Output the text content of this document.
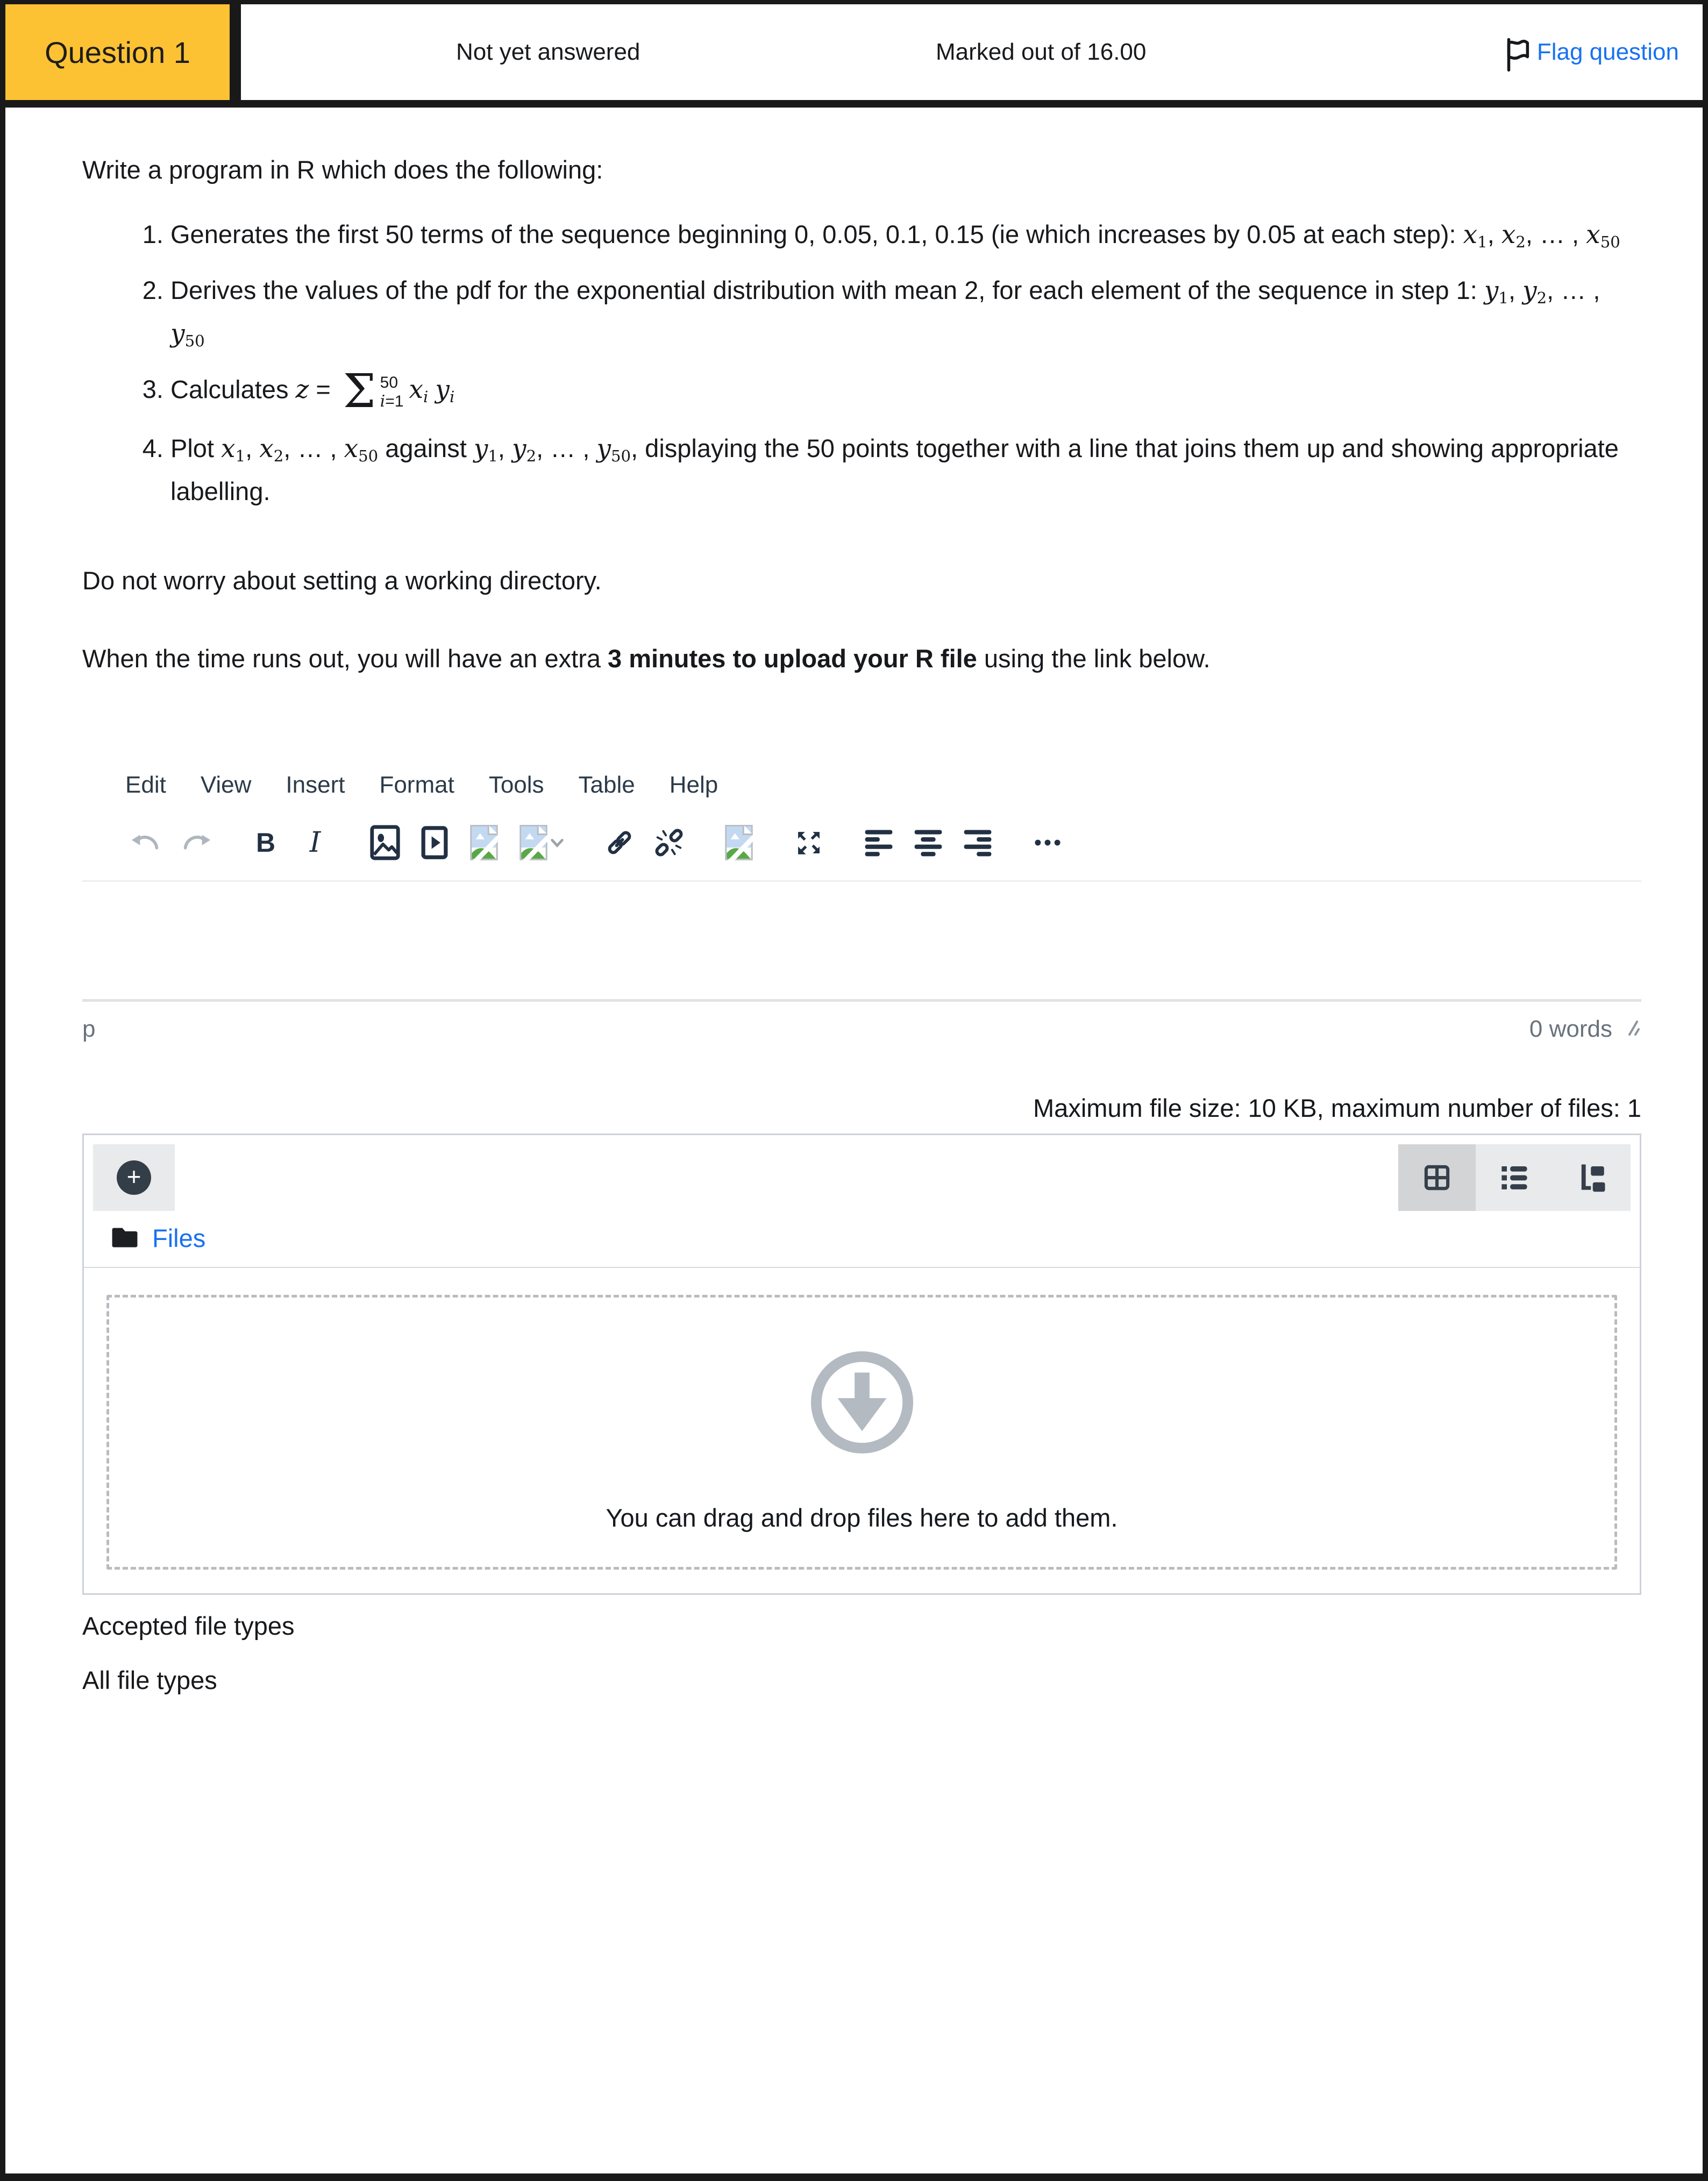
Question 1	Not yet answered	Marked out of 16.00	Flag question

Write a program in R which does the following:

1. Generates the first 50 terms of the sequence beginning 0, 0.05, 0.1, 0.15 (ie which increases by 0.05 at each step): x1, x2, … , x50
2. Derives the values of the pdf for the exponential distribution with mean 2, for each element of the sequence in step 1: y1, y2, … , y50
3. Calculates z = Σ 50
i=1 xi yi
4. Plot x1, x2, … , x50 against y1, y2, … , y50, displaying the 50 points together with a line that joins them up and showing appropriate labelling.

Do not worry about setting a working directory.

When the time runs out, you will have an extra 3 minutes to upload your R file using the link below.

Edit View Insert Format Tools Table Help
B I
p	0 words
Maximum file size: 10 KB, maximum number of files: 1
+
Files
You can drag and drop files here to add them.
Accepted file types
All file types
